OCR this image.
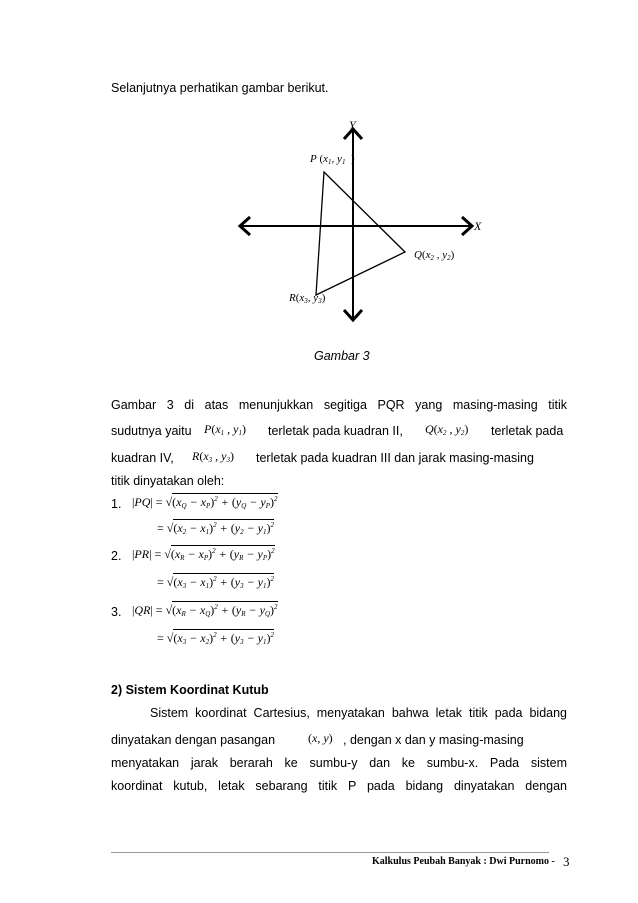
Selanjutnya perhatikan gambar berikut.
Y
X
P ($x_1$, $y_1$  )
$Q(x_2$ , $y_2$)
$R(x_3$, $y_3$)
Gambar 3
Gambar 3 di atas menunjukkan segitiga PQR yang masing-masing titik
sudutnya yaitu $P(x_1$ , $y_1$) terletak pada kuadran II, $Q(x_2$ , $y_2$) terletak pada
kuadran IV, $R(x_3$ , $y_3$) terletak pada kuadran III dan jarak masing-masing
titik dinyatakan oleh:
1. $|PQ| = √(x_Q - x_P)^2 + (y_Q - y_P)^2$
= $√(x_2 - x_1)^2 + (y_2 - y_1)^2$
2. $|PR| = √(x_R - x_P)^2 + (y_R - y_P)^2$
= $√(x_3 - x_1)^2 + (y_3 - y_1)^2$
3. $|QR| = √(x_R - x_Q)^2 + (y_R - y_Q)^2$
= $√(x_3 - x_2)^2 + (y_3 - y_1)^2$
2) Sistem Koordinat Kutub
Sistem koordinat Cartesius, menyatakan bahwa letak titik pada bidang
dinyatakan dengan pasangan	(x, y) , dengan x dan y masing-masing
menyatakan jarak berarah ke sumbu-y dan ke sumbu-x. Pada sistem
koordinat kutub, letak sebarang titik P pada bidang dinyatakan dengan
Kalkulus Peubah Banyak : Dwi Purnomo - 3
